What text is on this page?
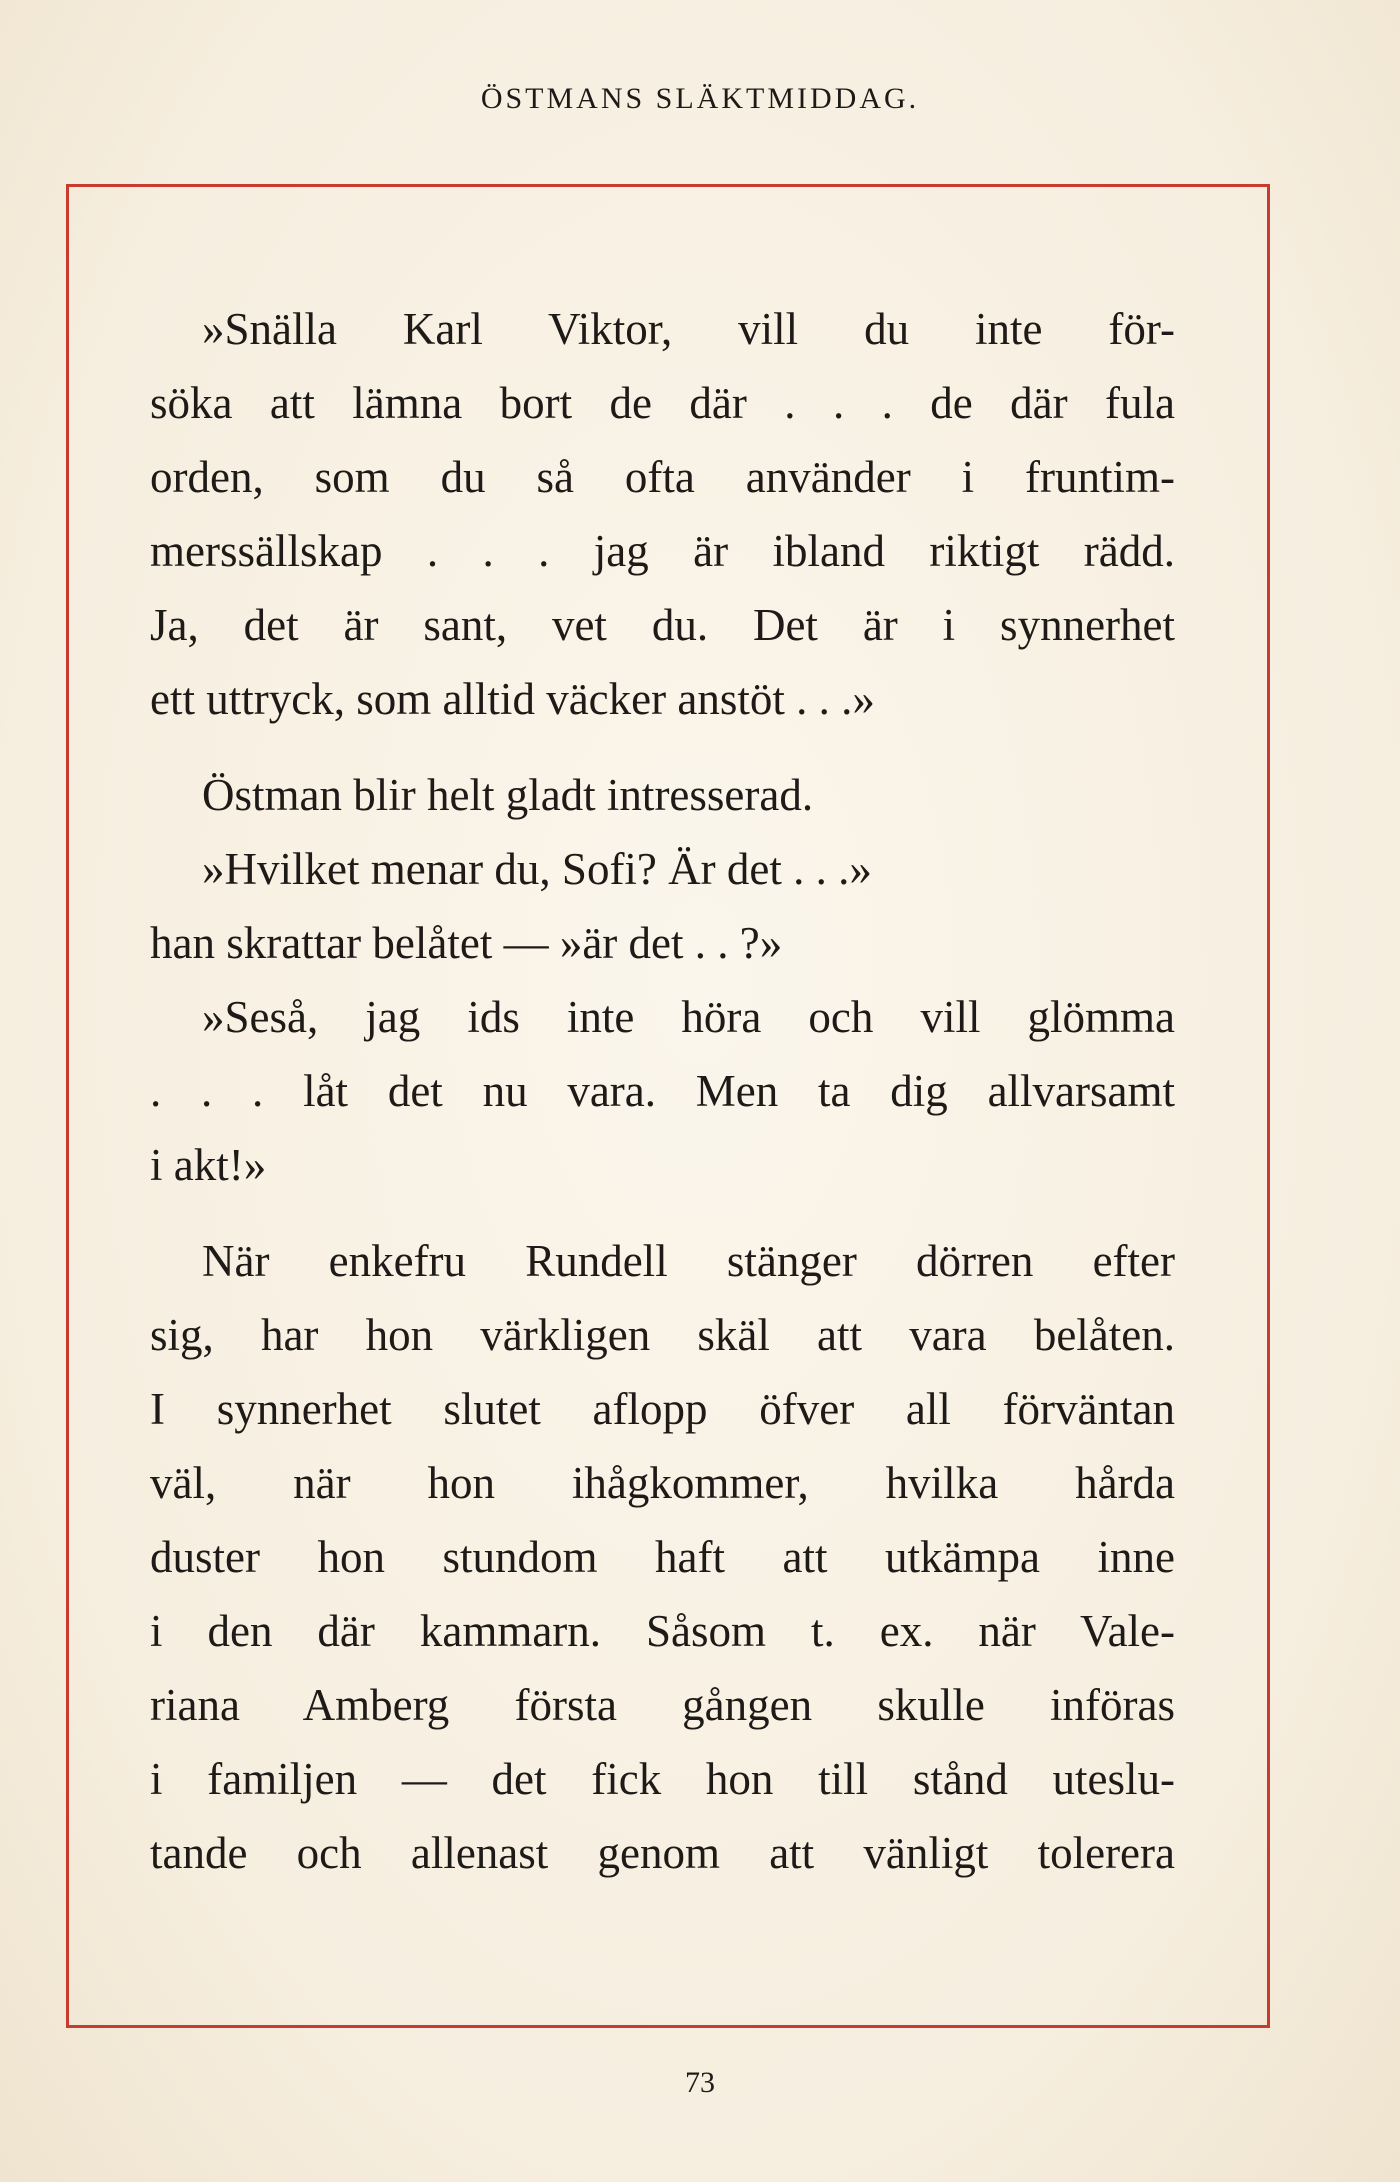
ÖSTMANS SLÄKTMIDDAG.
»Snälla Karl Viktor, vill du inte för-
söka att lämna bort de där . . . de där fula
orden, som du så ofta använder i fruntim-
merssällskap . . . jag är ibland riktigt rädd.
Ja, det är sant, vet du. Det är i synnerhet
ett uttryck, som alltid väcker anstöt . . .»
Östman blir helt gladt intresserad.
»Hvilket menar du, Sofi? Är det . . .»
han skrattar belåtet — »är det . . ?»
»Seså, jag ids inte höra och vill glömma
. . . låt det nu vara. Men ta dig allvarsamt
i akt!»
När enkefru Rundell stänger dörren efter
sig, har hon värkligen skäl att vara belåten.
I synnerhet slutet aflopp öfver all förväntan
väl, när hon ihågkommer, hvilka hårda
duster hon stundom haft att utkämpa inne
i den där kammarn. Såsom t. ex. när Vale-
riana Amberg första gången skulle införas
i familjen — det fick hon till stånd uteslu-
tande och allenast genom att vänligt tolerera
73
